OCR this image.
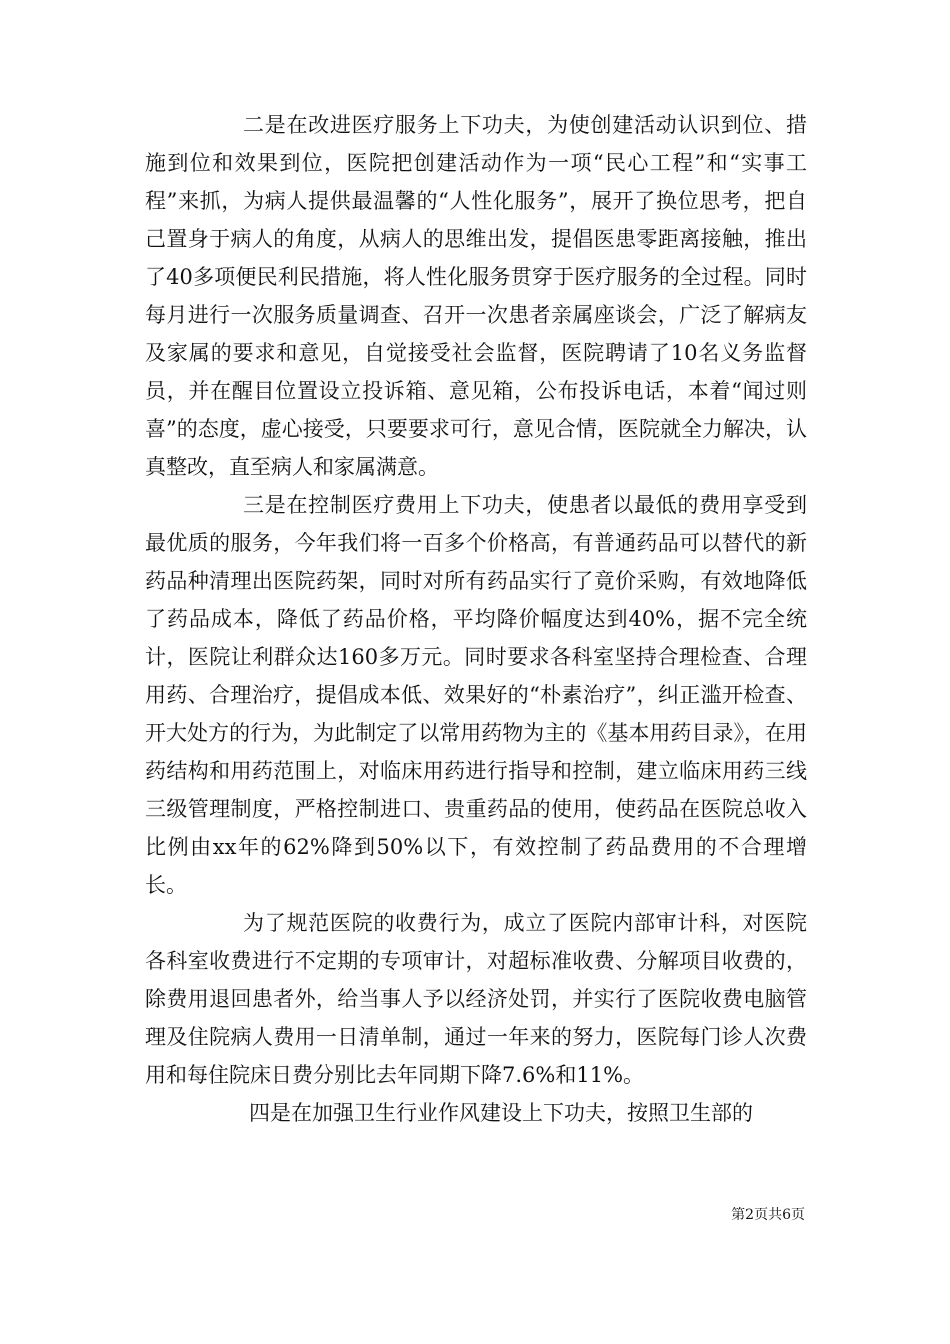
二是在改进医疗服务上下功夫，为使创建活动认识到位、措施到位和效果到位，医院把创建活动作为一项“民心工程”和“实事工程”来抓，为病人提供最温馨的“人性化服务”，展开了换位思考，把自己置身于病人的角度，从病人的思维出发，提倡医患零距离接触，推出了40多项便民利民措施，将人性化服务贯穿于医疗服务的全过程。同时每月进行一次服务质量调查、召开一次患者亲属座谈会，广泛了解病友及家属的要求和意见，自觉接受社会监督，医院聘请了10名义务监督员，并在醒目位置设立投诉箱、意见箱，公布投诉电话，本着“闻过则喜”的态度，虚心接受，只要要求可行，意见合情，医院就全力解决，认真整改，直至病人和家属满意。

三是在控制医疗费用上下功夫，使患者以最低的费用享受到最优质的服务，今年我们将一百多个价格高，有普通药品可以替代的新药品种清理出医院药架，同时对所有药品实行了竟价采购，有效地降低了药品成本，降低了药品价格，平均降价幅度达到40%，据不完全统计，医院让利群众达160多万元。同时要求各科室坚持合理检查、合理用药、合理治疗，提倡成本低、效果好的“朴素治疗”，纠正滥开检查、开大处方的行为，为此制定了以常用药物为主的《基本用药目录》，在用药结构和用药范围上，对临床用药进行指导和控制，建立临床用药三线三级管理制度，严格控制进口、贵重药品的使用，使药品在医院总收入比例由xx年的62%降到50%以下，有效控制了药品费用的不合理增长。

为了规范医院的收费行为，成立了医院内部审计科，对医院各科室收费进行不定期的专项审计，对超标准收费、分解项目收费的，除费用退回患者外，给当事人予以经济处罚，并实行了医院收费电脑管理及住院病人费用一日清单制，通过一年来的努力，医院每门诊人次费用和每住院床日费分别比去年同期下降7.6%和11%。

四是在加强卫生行业作风建设上下功夫，按照卫生部的

第2页共6页
